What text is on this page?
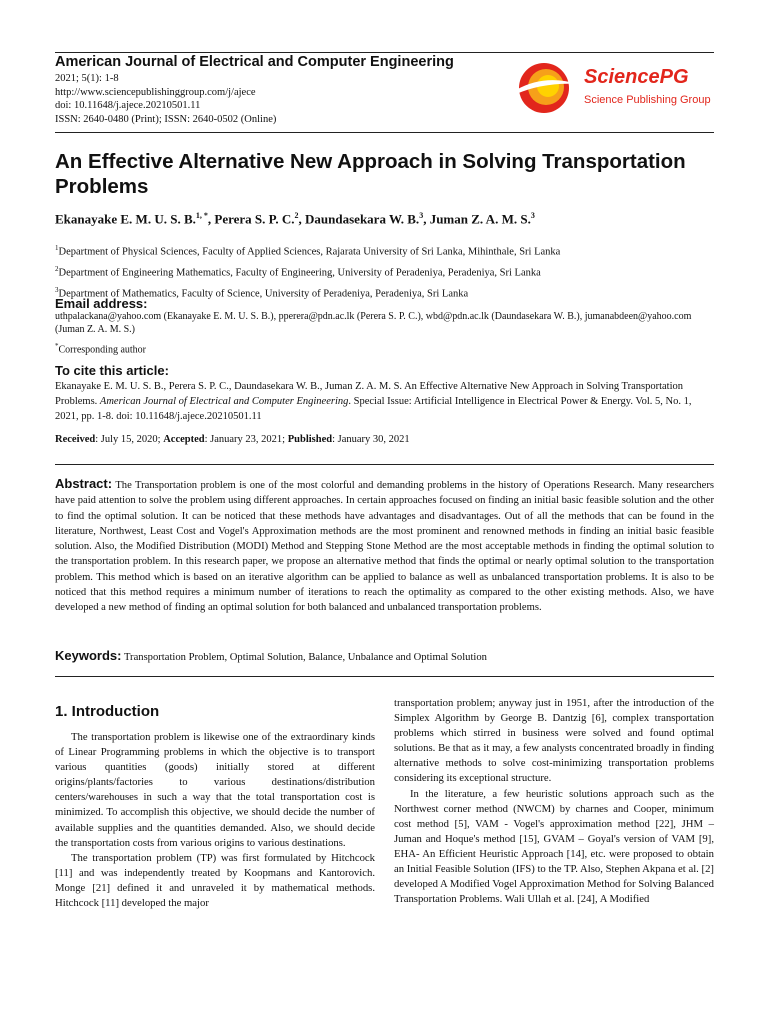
American Journal of Electrical and Computer Engineering
2021; 5(1): 1-8
http://www.sciencepublishinggroup.com/j/ajece
doi: 10.11648/j.ajece.20210501.11
ISSN: 2640-0480 (Print); ISSN: 2640-0502 (Online)
SciencePG
Science Publishing Group
An Effective Alternative New Approach in Solving Transportation Problems
Ekanayake E. M. U. S. B.$^{1, *}$, Perera S. P. C.$^2$, Daundasekara W. B.$^3$, Juman Z. A. M. S.$^3$
$^1$Department of Physical Sciences, Faculty of Applied Sciences, Rajarata University of Sri Lanka, Mihinthale, Sri Lanka
$^2$Department of Engineering Mathematics, Faculty of Engineering, University of Peradeniya, Peradeniya, Sri Lanka
$^3$Department of Mathematics, Faculty of Science, University of Peradeniya, Peradeniya, Sri Lanka
Email address:
uthpalackana@yahoo.com (Ekanayake E. M. U. S. B.), pperera@pdn.ac.lk (Perera S. P. C.), wbd@pdn.ac.lk (Daundasekara W. B.), jumanabdeen@yahoo.com (Juman Z. A. M. S.)
*Corresponding author
To cite this article:
Ekanayake E. M. U. S. B., Perera S. P. C., Daundasekara W. B., Juman Z. A. M. S. An Effective Alternative New Approach in Solving Transportation Problems. American Journal of Electrical and Computer Engineering. Special Issue: Artificial Intelligence in Electrical Power & Energy. Vol. 5, No. 1, 2021, pp. 1-8. doi: 10.11648/j.ajece.20210501.11
Received: July 15, 2020; Accepted: January 23, 2021; Published: January 30, 2021
Abstract: The Transportation problem is one of the most colorful and demanding problems in the history of Operations Research. Many researchers have paid attention to solve the problem using different approaches. In certain approaches focused on finding an initial basic feasible solution and the other to find the optimal solution. It can be noticed that these methods have advantages and disadvantages. Out of all the methods that can be found in the literature, Northwest, Least Cost and Vogel's Approximation methods are the most prominent and renowned methods in finding an initial basic feasible solution. Also, the Modified Distribution (MODI) Method and Stepping Stone Method are the most acceptable methods in finding the optimal solution to the transportation problem. In this research paper, we propose an alternative method that finds the optimal or nearly optimal solution to the transportation problem. This method which is based on an iterative algorithm can be applied to balance as well as unbalanced transportation problems. It is also to be noticed that this method requires a minimum number of iterations to reach the optimality as compared to the other existing methods. Also, we have developed a new method of finding an optimal solution for both balanced and unbalanced transportation problems.
Keywords: Transportation Problem, Optimal Solution, Balance, Unbalance and Optimal Solution
1. Introduction

The transportation problem is likewise one of the extraordinary kinds of Linear Programming problems in which the objective is to transport various quantities (goods) initially stored at different origins/plants/factories to various destinations/distribution centers/warehouses in such a way that the total transportation cost is minimized. To accomplish this objective, we should decide the number of available supplies and the quantities demanded. Also, we should decide the transportation costs from various origins to various destinations.

The transportation problem (TP) was first formulated by Hitchcock [11] and was independently treated by Koopmans and Kantorovich. Monge [21] defined it and unraveled it by mathematical methods. Hitchcock [11] developed the major

transportation problem; anyway just in 1951, after the introduction of the Simplex Algorithm by George B. Dantzig [6], complex transportation problems which stirred in business were solved and found optimal solutions. Be that as it may, a few analysts concentrated broadly in finding alternative methods to solve cost-minimizing transportation problems considering its exceptional structure.

In the literature, a few heuristic solutions approach such as the Northwest corner method (NWCM) by charnes and Cooper, minimum cost method [5], VAM - Vogel's approximation method [22], JHM – Juman and Hoque's method [15], GVAM – Goyal's version of VAM [9], EHA- An Efficient Heuristic Approach [14], etc. were proposed to obtain an Initial Feasible Solution (IFS) to the TP. Also, Stephen Akpana et al. [2] developed A Modified Vogel Approximation Method for Solving Balanced Transportation Problems. Wali Ullah et al. [24], A Modified
